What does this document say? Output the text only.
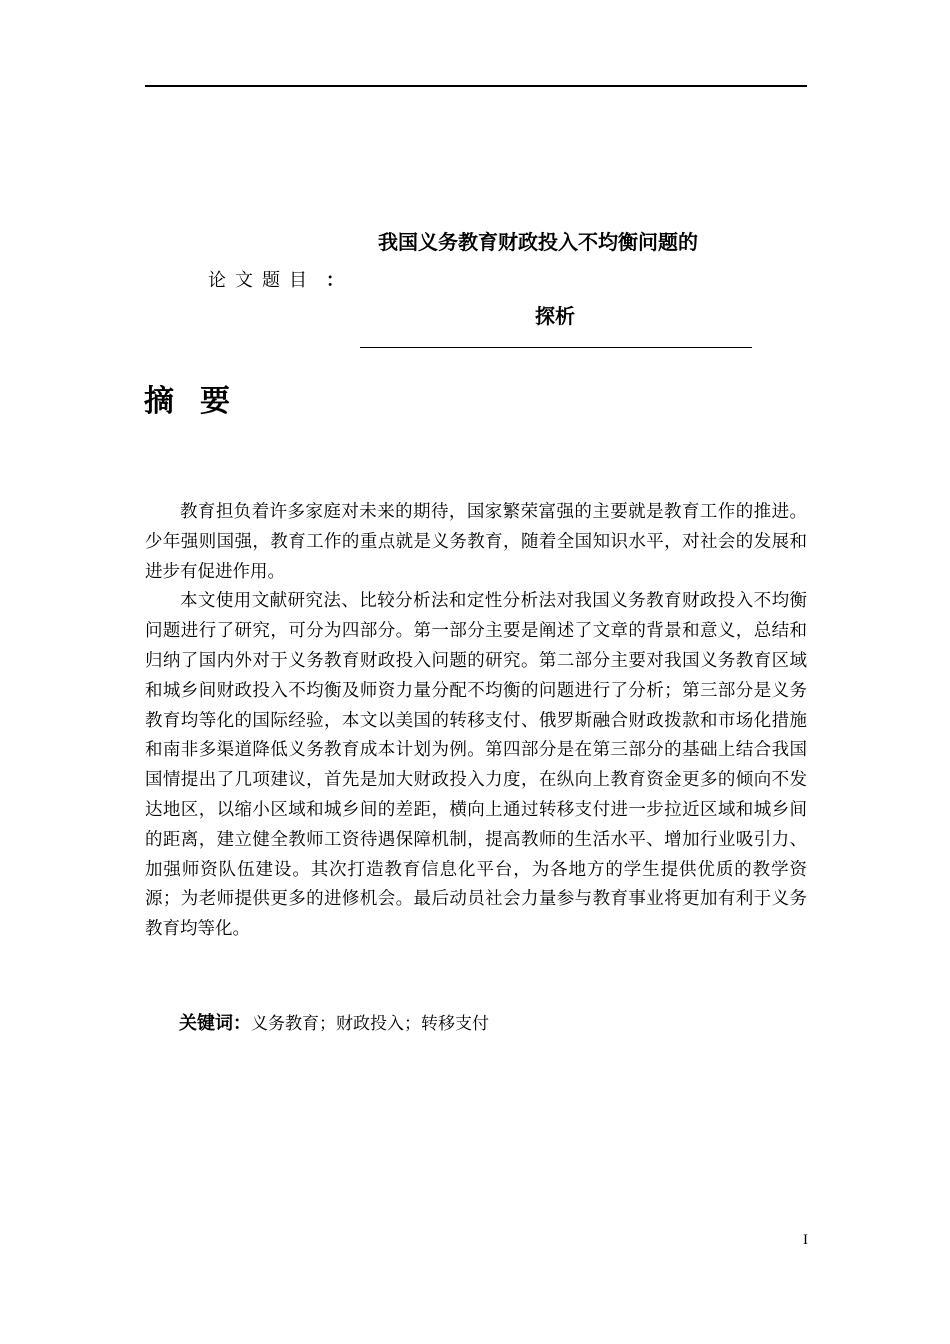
我国义务教育财政投入不均衡问题的
论文题目 ：
探析
摘要

教育担负着许多家庭对未来的期待，国家繁荣富强的主要就是教育工作的推进。少年强则国强，教育工作的重点就是义务教育，随着全国知识水平，对社会的发展和进步有促进作用。

本文使用文献研究法、比较分析法和定性分析法对我国义务教育财政投入不均衡问题进行了研究，可分为四部分。第一部分主要是阐述了文章的背景和意义，总结和归纳了国内外对于义务教育财政投入问题的研究。第二部分主要对我国义务教育区域和城乡间财政投入不均衡及师资力量分配不均衡的问题进行了分析；第三部分是义务教育均等化的国际经验，本文以美国的转移支付、俄罗斯融合财政拨款和市场化措施和南非多渠道降低义务教育成本计划为例。第四部分是在第三部分的基础上结合我国国情提出了几项建议，首先是加大财政投入力度，在纵向上教育资金更多的倾向不发达地区，以缩小区域和城乡间的差距，横向上通过转移支付进一步拉近区域和城乡间的距离，建立健全教师工资待遇保障机制，提高教师的生活水平、增加行业吸引力、加强师资队伍建设。其次打造教育信息化平台，为各地方的学生提供优质的教学资源；为老师提供更多的进修机会。最后动员社会力量参与教育事业将更加有利于义务教育均等化。

关键词：义务教育；财政投入；转移支付
I
